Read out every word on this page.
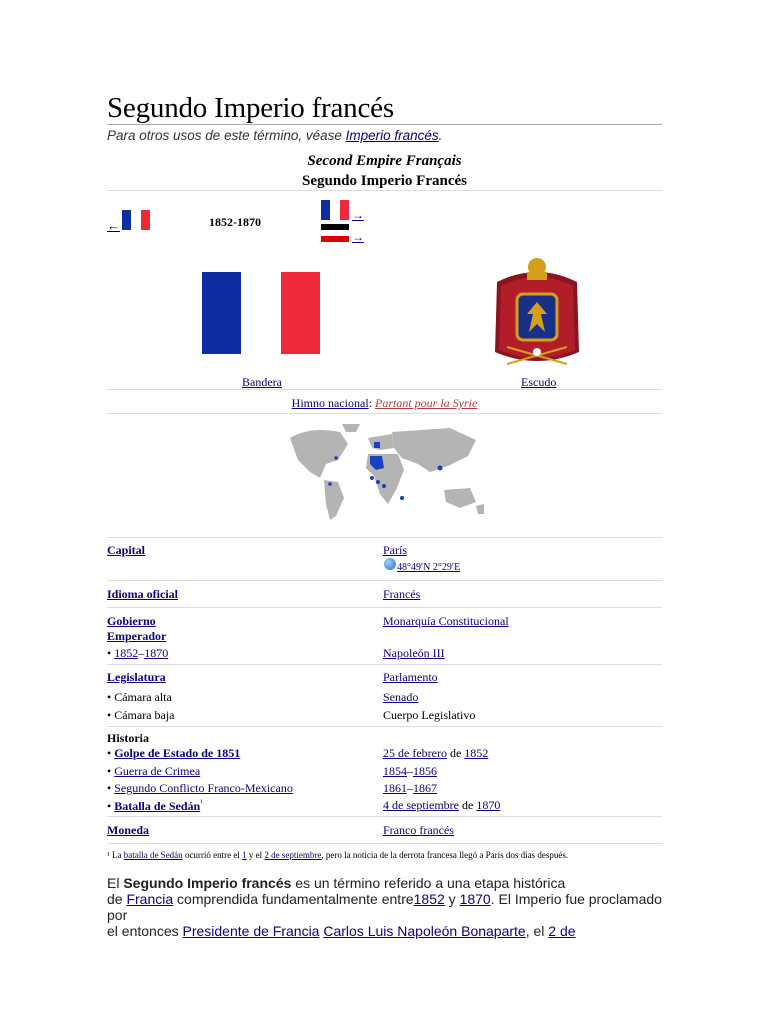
Segundo Imperio francés
Para otros usos de este término, véase Imperio francés.
Second Empire Français
Segundo Imperio Francés
←	1852-1870	→
→
Bandera	Escudo
Himno nacional: Partant pour la Syrie
Capital	París
48°49′N 2°29′E
Idioma oficial	Francés
Gobierno	Monarquía Constitucional
Emperador
• 1852–1870	Napoleón III
Legislatura	Parlamento
• Cámara alta	Senado
• Cámara baja	Cuerpo Legislativo
Historia
• Golpe de Estado de 1851	25 de febrero de 1852
• Guerra de Crimea	1854–1856
• Segundo Conflicto Franco-Mexicano	1861–1867
• Batalla de Sedán$^{^1}$	4 de septiembre de 1870
Moneda	Franco francés
¹ La batalla de Sedán ocurrió entre el 1 y el 2 de septiembre, pero la noticia de la derrota francesa llegó a París dos días después.
El Segundo Imperio francés es un término referido a una etapa histórica
de Francia comprendida fundamentalmente entre1852 y 1870. El Imperio fue proclamado por
el entonces Presidente de Francia Carlos Luis Napoleón Bonaparte, el 2 de
